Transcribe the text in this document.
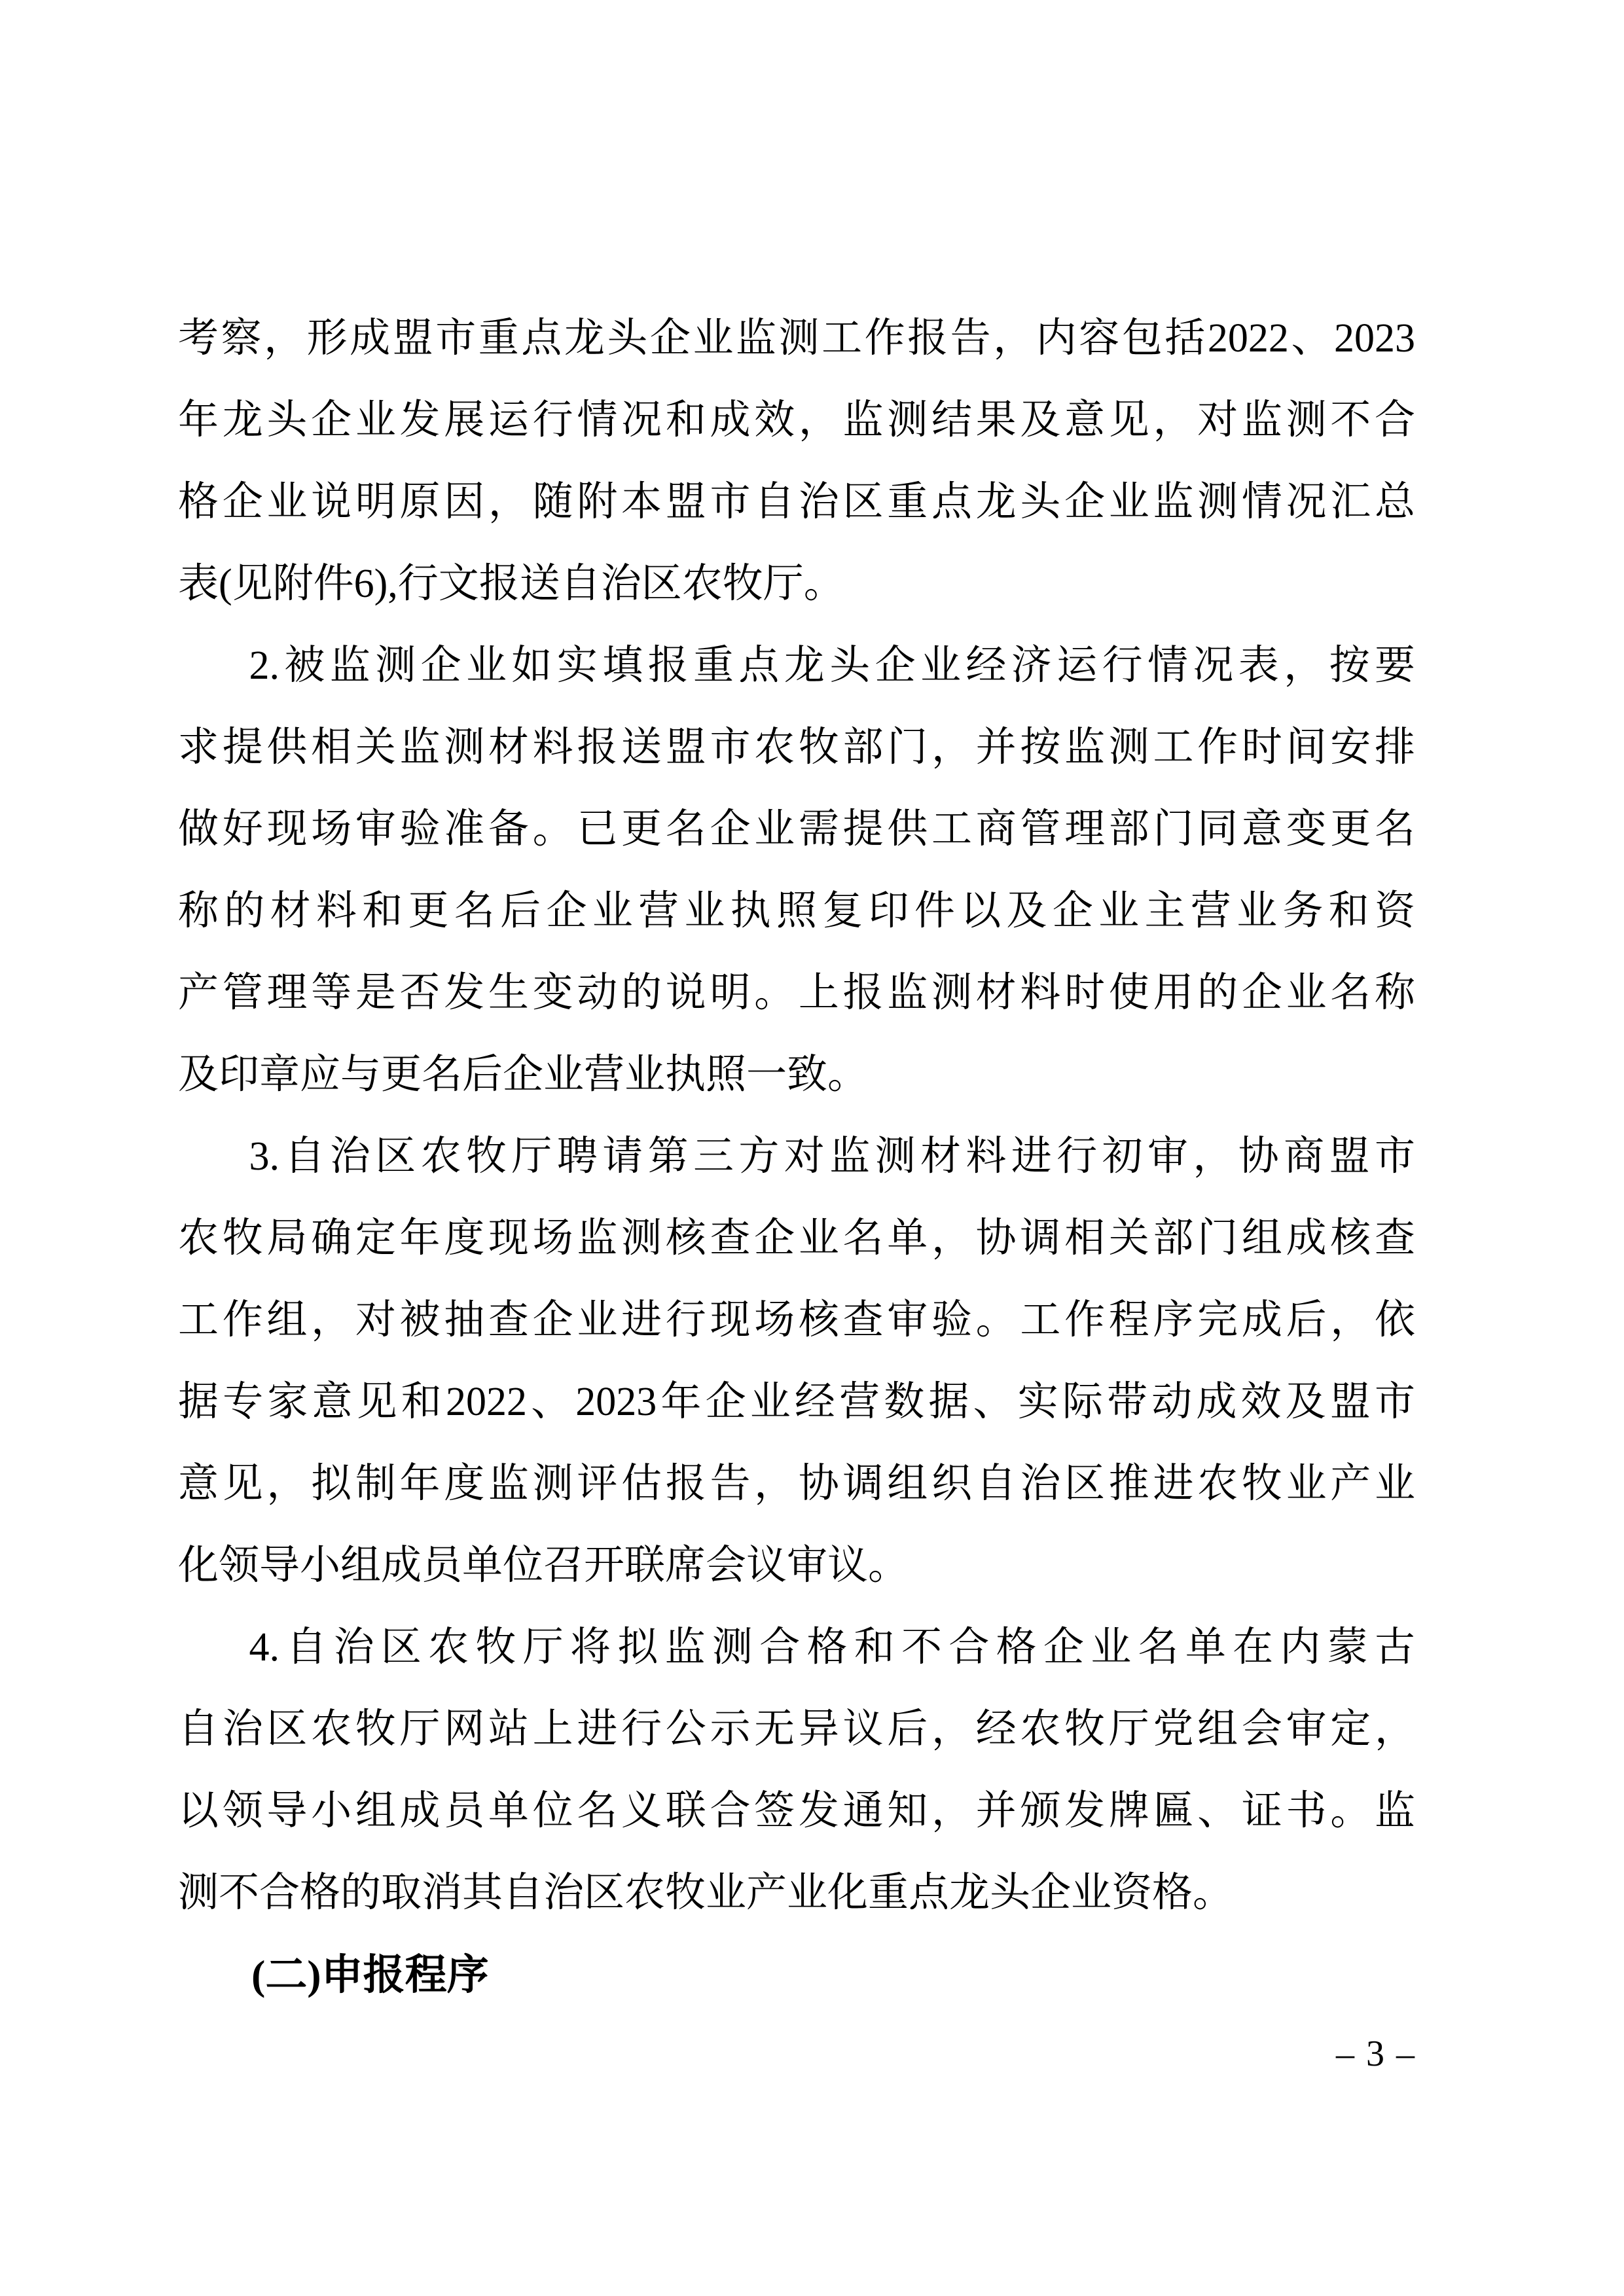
考察，形成盟市重点龙头企业监测工作报告，内容包括2022、2023
年龙头企业发展运行情况和成效，监测结果及意见，对监测不合
格企业说明原因，随附本盟市自治区重点龙头企业监测情况汇总
表(见附件6),行文报送自治区农牧厅。

2.被监测企业如实填报重点龙头企业经济运行情况表，按要
求提供相关监测材料报送盟市农牧部门，并按监测工作时间安排
做好现场审验准备。已更名企业需提供工商管理部门同意变更名
称的材料和更名后企业营业执照复印件以及企业主营业务和资
产管理等是否发生变动的说明。上报监测材料时使用的企业名称
及印章应与更名后企业营业执照一致。

3.自治区农牧厅聘请第三方对监测材料进行初审，协商盟市
农牧局确定年度现场监测核查企业名单，协调相关部门组成核查
工作组，对被抽查企业进行现场核查审验。工作程序完成后，依
据专家意见和2022、2023年企业经营数据、实际带动成效及盟市
意见，拟制年度监测评估报告，协调组织自治区推进农牧业产业
化领导小组成员单位召开联席会议审议。

4.自治区农牧厅将拟监测合格和不合格企业名单在内蒙古
自治区农牧厅网站上进行公示无异议后，经农牧厅党组会审定，
以领导小组成员单位名义联合签发通知，并颁发牌匾、证书。监
测不合格的取消其自治区农牧业产业化重点龙头企业资格。

(二)申报程序

– 3 –
